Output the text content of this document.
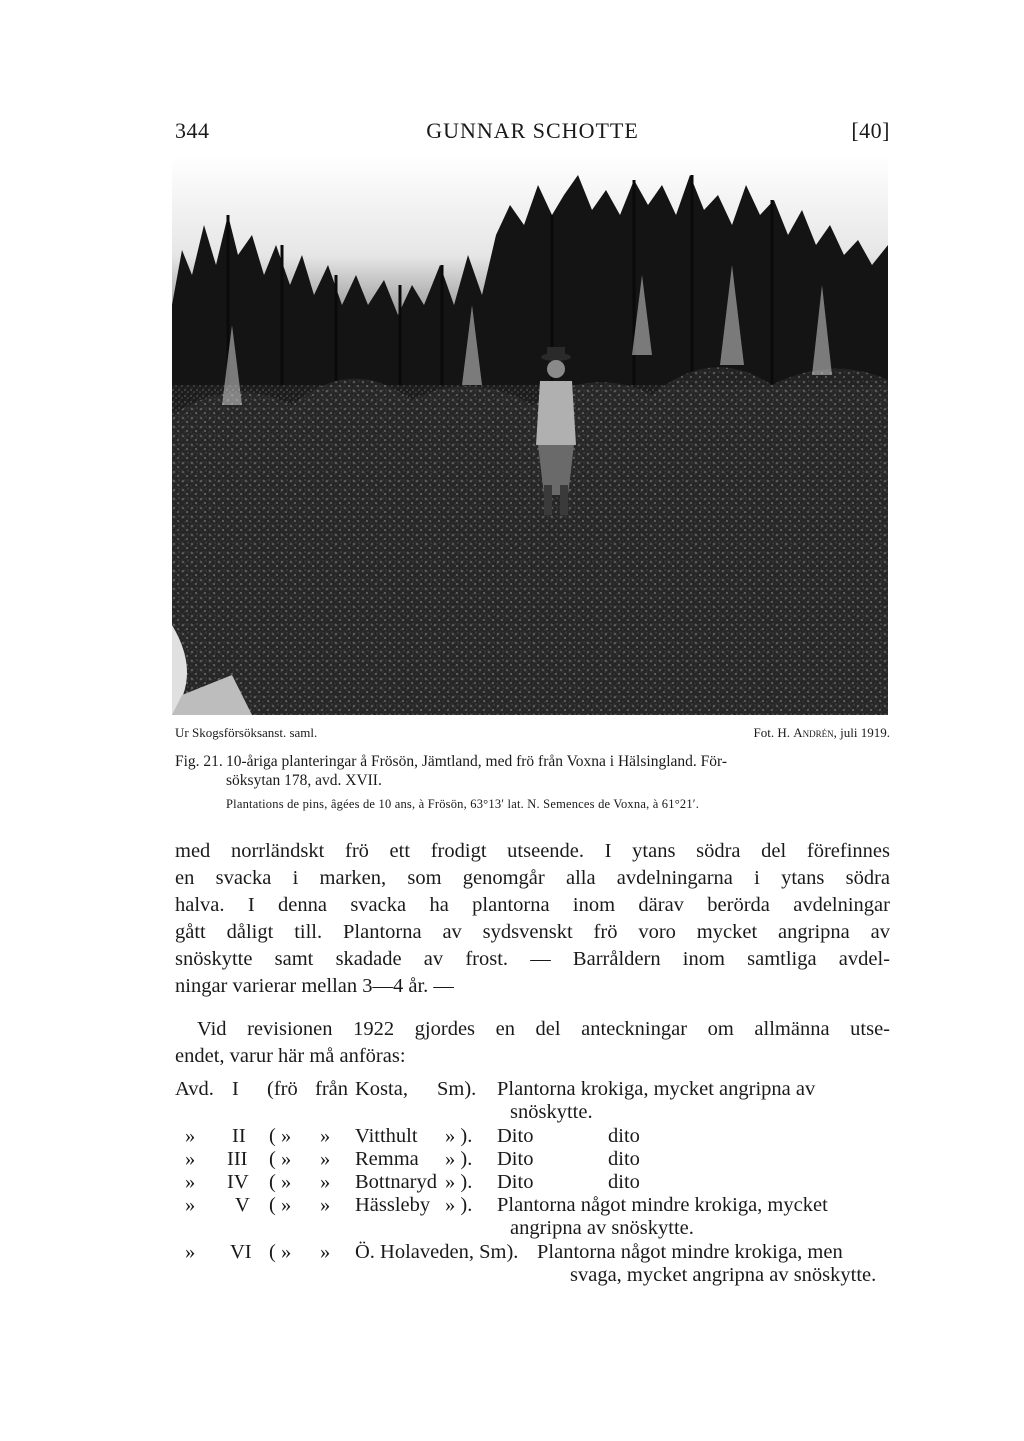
344	GUNNAR SCHOTTE	[40]
Ur Skogsförsöksanst. saml.	Fot. H. Andrén, juli 1919.
Fig. 21. 10-åriga planteringar å Frösön, Jämtland, med frö från Voxna i Hälsingland. För-
söksytan 178, avd. XVII.
Plantations de pins, âgées de 10 ans, à Frösön, 63°13′ lat. N. Semences de Voxna, à 61°21′.
med norrländskt frö ett frodigt utseende. I ytans södra del förefinnes
en svacka i marken, som genomgår alla avdelningarna i ytans södra
halva. I denna svacka ha plantorna inom därav berörda avdelningar
gått dåligt till. Plantorna av sydsvenskt frö voro mycket angripna av
snöskytte samt skadade av frost. — Barråldern inom samtliga avdel-
ningar varierar mellan 3—4 år. —
Vid revisionen 1922 gjordes en del anteckningar om allmänna utse-
endet, varur här må anföras:
Avd. I (frö från Kosta, Sm). Plantorna krokiga, mycket angripna av
snöskytte.
» II ( » » Vitthult » ). Dito	dito
» III ( » » Remma » ). Dito	dito
» IV ( » » Bottnaryd » ). Dito	dito
» V ( » » Hässleby » ). Plantorna något mindre krokiga, mycket
angripna av snöskytte.
» VI ( » » Ö. Holaveden, Sm). Plantorna något mindre krokiga, men
svaga, mycket angripna av snöskytte.
